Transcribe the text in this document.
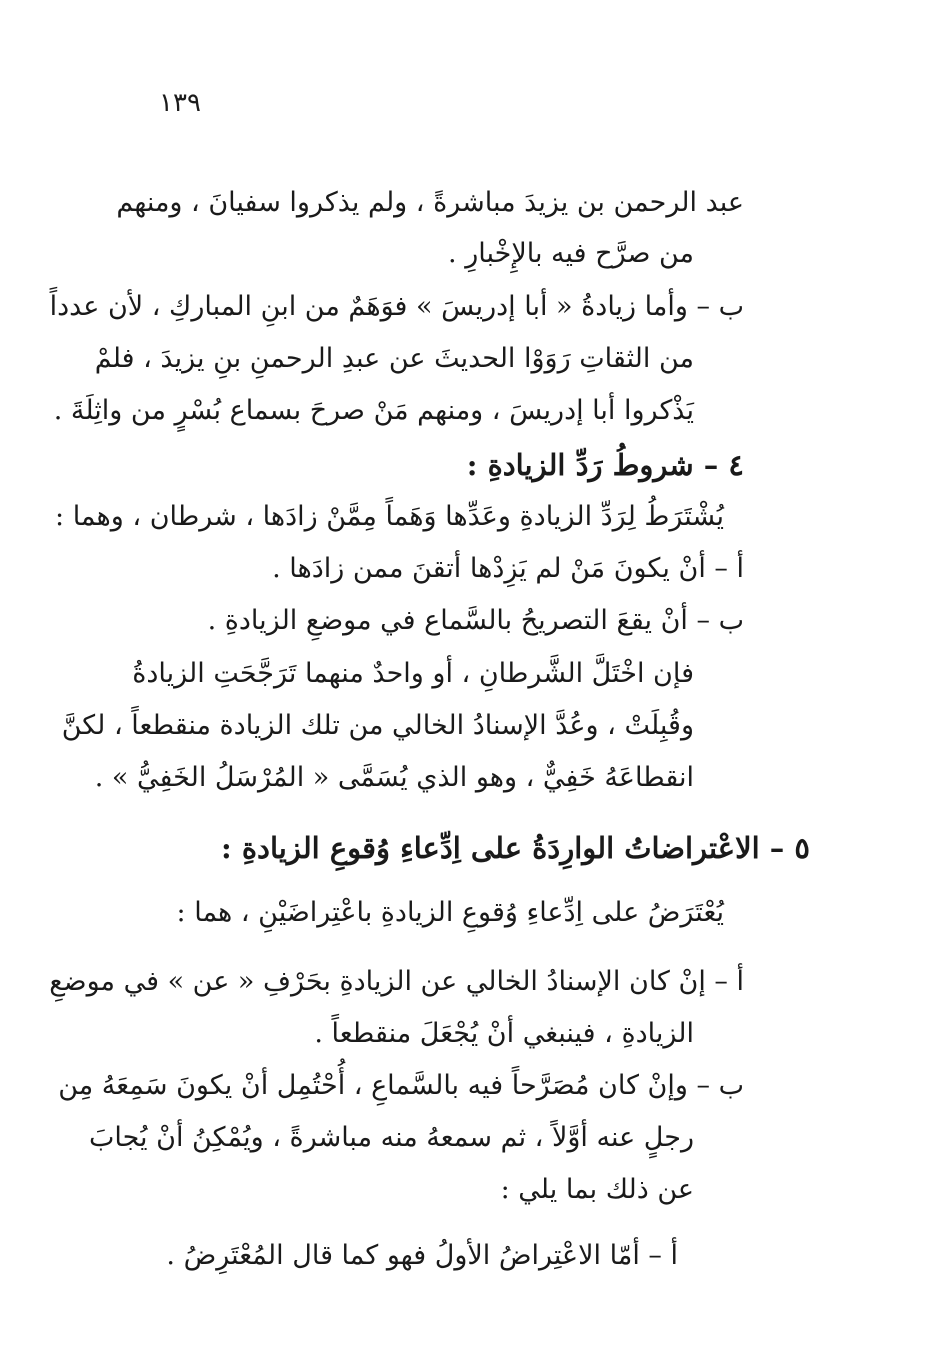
١٣٩
عبد الرحمن بن يزيدَ مباشرةً ، ولم يذكروا سفيانَ ، ومنهم
من صرَّح فيه بالإِخْبارِ .
ب – وأما زيادةُ « أبا إدريسَ » فوَهَمٌ من ابنِ المباركِ ، لأن عدداً
من الثقاتِ رَوَوْا الحديثَ عن عبدِ الرحمنِ بنِ يزيدَ ، فلمْ
يَذْكروا أبا إدريسَ ، ومنهم مَنْ صرحَ بسماع بُسْرٍ من واثِلَةَ .
٤ – شروطُ رَدِّ الزيادةِ :
يُشْتَرَطُ لِرَدِّ الزيادةِ وعَدِّها وَهَماً مِمَّنْ زادَها ، شرطان ، وهما :
أ – أنْ يكونَ مَنْ لم يَزِدْها أتقنَ ممن زادَها .
ب – أنْ يقعَ التصريحُ بالسَّماع في موضعِ الزيادةِ .
فإن اخْتَلَّ الشَّرطانِ ، أو واحدٌ منهما تَرَجَّحَتِ الزيادةُ
وقُبِلَتْ ، وعُدَّ الإسنادُ الخالي من تلك الزيادة منقطعاً ، لكنَّ
انقطاعَهُ خَفِيٌّ ، وهو الذي يُسَمَّى « المُرْسَلُ الخَفِيُّ » .
٥ – الاعْتراضاتُ الوارِدَةُ على اِدِّعاءِ وُقوعِ الزيادةِ :
يُعْتَرَضُ على اِدِّعاءِ وُقوعِ الزيادةِ باعْتِراضَيْنِ ، هما :
أ – إنْ كان الإسنادُ الخالي عن الزيادةِ بحَرْفِ « عن » في موضعِ
الزيادةِ ، فينبغي أنْ يُجْعَلَ منقطعاً .
ب – وإنْ كان مُصَرَّحاً فيه بالسَّماعِ ، أُحْتُمِل أنْ يكونَ سَمِعَهُ مِن
رجلٍ عنه أوَّلاً ، ثم سمعهُ منه مباشرةً ، ويُمْكِنُ أنْ يُجابَ
عن ذلك بما يلي :
أ – أمّا الاعْتِراضُ الأولُ فهو كما قال المُعْتَرِضُ .
